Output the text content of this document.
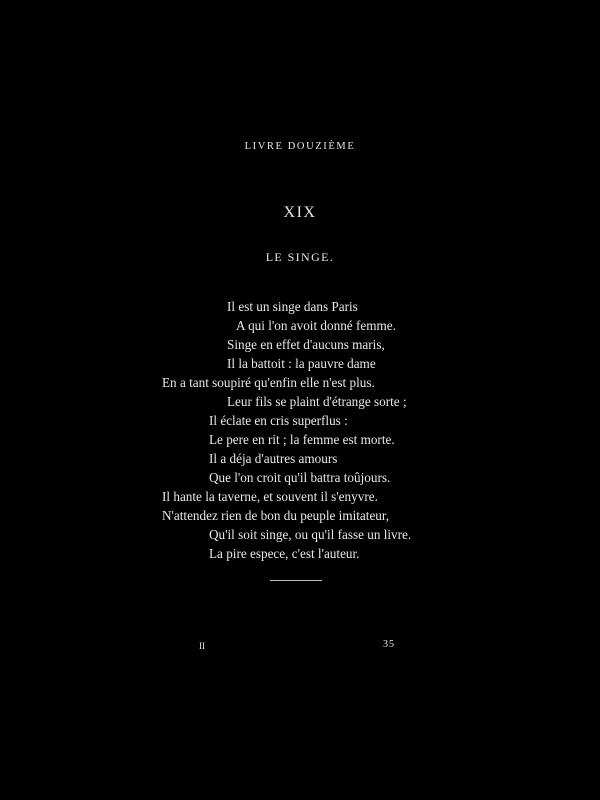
LIVRE DOUZIÈME
XIX
LE SINGE.
Il est un singe dans Paris
A qui l'on avoit donné femme.
Singe en effet d'aucuns maris,
Il la battoit : la pauvre dame
En a tant soupiré qu'enfin elle n'est plus.
Leur fils se plaint d'étrange sorte ;
Il éclate en cris superflus :
Le pere en rit ; la femme est morte.
Il a déja d'autres amours
Que l'on croit qu'il battra toûjours.
Il hante la taverne, et souvent il s'enyvre.
N'attendez rien de bon du peuple imitateur,
Qu'il soit singe, ou qu'il fasse un livre.
La pire espece, c'est l'auteur.
II	35
